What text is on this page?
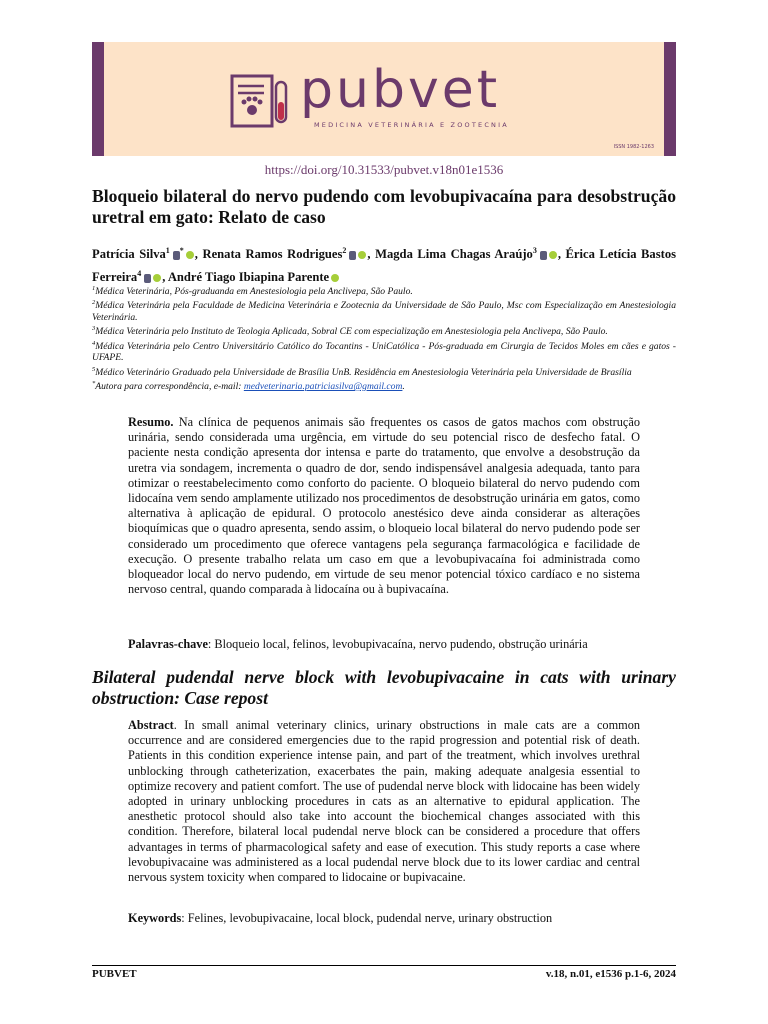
pubvet
MEDICINA VETERINÁRIA E ZOOTECNIA
ISSN 1982-1263
https://doi.org/10.31533/pubvet.v18n01e1536
Bloqueio bilateral do nervo pudendo com levobupivacaína para desobstrução uretral em gato: Relato de caso
Patrícia Silva$^1$ * , Renata Ramos Rodrigues$^2$ , Magda Lima Chagas Araújo$^3$ , Érica Letícia Bastos Ferreira$^4$ , André Tiago Ibiapina Parente
$^1$Médica Veterinária, Pós-graduanda em Anestesiologia pela Anclivepa, São Paulo.
$^2$Médica Veterinária pela Faculdade de Medicina Veterinária e Zootecnia da Universidade de São Paulo, Msc com Especialização em Anestesiologia Veterinária.
$^3$Médica Veterinária pelo Instituto de Teologia Aplicada, Sobral CE com especialização em Anestesiologia pela Anclivepa, São Paulo.
$^4$Médica Veterinária pelo Centro Universitário Católico do Tocantins - UniCatólica - Pós-graduada em Cirurgia de Tecidos Moles em cães e gatos - UFAPE.
$^5$Médico Veterinário Graduado pela Universidade de Brasília UnB. Residência em Anestesiologia Veterinária pela Universidade de Brasília
*Autora para correspondência, e-mail: medveterinaria.patriciasilva@gmail.com.
Resumo. Na clínica de pequenos animais são frequentes os casos de gatos machos com obstrução urinária, sendo considerada uma urgência, em virtude do seu potencial risco de desfecho fatal. O paciente nesta condição apresenta dor intensa e parte do tratamento, que envolve a desobstrução da uretra via sondagem, incrementa o quadro de dor, sendo indispensável analgesia adequada, tanto para otimizar o reestabelecimento como conforto do paciente. O bloqueio bilateral do nervo pudendo com lidocaína vem sendo amplamente utilizado nos procedimentos de desobstrução urinária em gatos, como alternativa à aplicação de epidural. O protocolo anestésico deve ainda considerar as alterações bioquímicas que o quadro apresenta, sendo assim, o bloqueio local bilateral do nervo pudendo pode ser considerado um procedimento que oferece vantagens pela segurança farmacológica e facilidade de execução. O presente trabalho relata um caso em que a levobupivacaína foi administrada como bloqueador local do nervo pudendo, em virtude de seu menor potencial tóxico cardíaco e no sistema nervoso central, quando comparada à lidocaína ou à bupivacaína.
Palavras-chave: Bloqueio local, felinos, levobupivacaína, nervo pudendo, obstrução urinária
Bilateral pudendal nerve block with levobupivacaine in cats with urinary obstruction: Case repost
Abstract. In small animal veterinary clinics, urinary obstructions in male cats are a common occurrence and are considered emergencies due to the rapid progression and potential risk of death. Patients in this condition experience intense pain, and part of the treatment, which involves urethral unblocking through catheterization, exacerbates the pain, making adequate analgesia essential to optimize recovery and patient comfort. The use of pudendal nerve block with lidocaine has been widely adopted in urinary unblocking procedures in cats as an alternative to epidural application. The anesthetic protocol should also take into account the biochemical changes associated with this condition. Therefore, bilateral local pudendal nerve block can be considered a procedure that offers advantages in terms of pharmacological safety and ease of execution. This study reports a case where levobupivacaine was administered as a local pudendal nerve block due to its lower cardiac and central nervous system toxicity when compared to lidocaine or bupivacaine.
Keywords: Felines, levobupivacaine, local block, pudendal nerve, urinary obstruction
PUBVET	v.18, n.01, e1536 p.1-6, 2024
